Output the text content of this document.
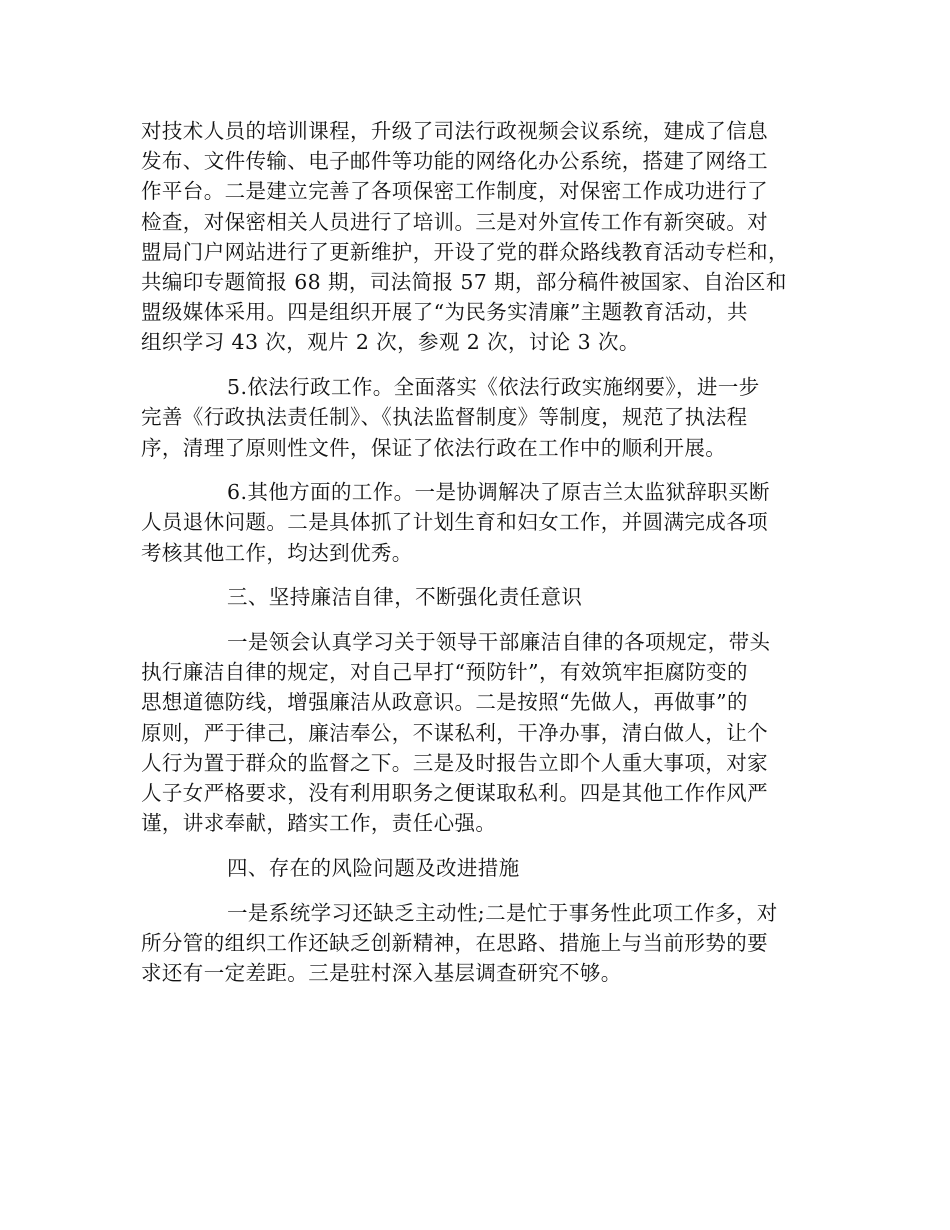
对技术人员的培训课程，升级了司法行政视频会议系统，建成了信息
发布、文件传输、电子邮件等功能的网络化办公系统，搭建了网络工
作平台。二是建立完善了各项保密工作制度，对保密工作成功进行了
检查，对保密相关人员进行了培训。三是对外宣传工作有新突破。对
盟局门户网站进行了更新维护，开设了党的群众路线教育活动专栏和，
共编印专题简报 68 期，司法简报 57 期，部分稿件被国家、自治区和
盟级媒体采用。四是组织开展了“为民务实清廉”主题教育活动，共
组织学习 43 次，观片 2 次，参观 2 次，讨论 3 次。
5.依法行政工作。全面落实《依法行政实施纲要》，进一步
完善《行政执法责任制》、《执法监督制度》等制度，规范了执法程
序，清理了原则性文件，保证了依法行政在工作中的顺利开展。
6.其他方面的工作。一是协调解决了原吉兰太监狱辞职买断
人员退休问题。二是具体抓了计划生育和妇女工作，并圆满完成各项
考核其他工作，均达到优秀。
三、坚持廉洁自律，不断强化责任意识
一是领会认真学习关于领导干部廉洁自律的各项规定，带头
执行廉洁自律的规定，对自己早打“预防针”，有效筑牢拒腐防变的
思想道德防线，增强廉洁从政意识。二是按照“先做人，再做事”的
原则，严于律己，廉洁奉公，不谋私利，干净办事，清白做人，让个
人行为置于群众的监督之下。三是及时报告立即个人重大事项，对家
人子女严格要求，没有利用职务之便谋取私利。四是其他工作作风严
谨，讲求奉献，踏实工作，责任心强。
四、存在的风险问题及改进措施
一是系统学习还缺乏主动性;二是忙于事务性此项工作多，对
所分管的组织工作还缺乏创新精神，在思路、措施上与当前形势的要
求还有一定差距。三是驻村深入基层调查研究不够。
